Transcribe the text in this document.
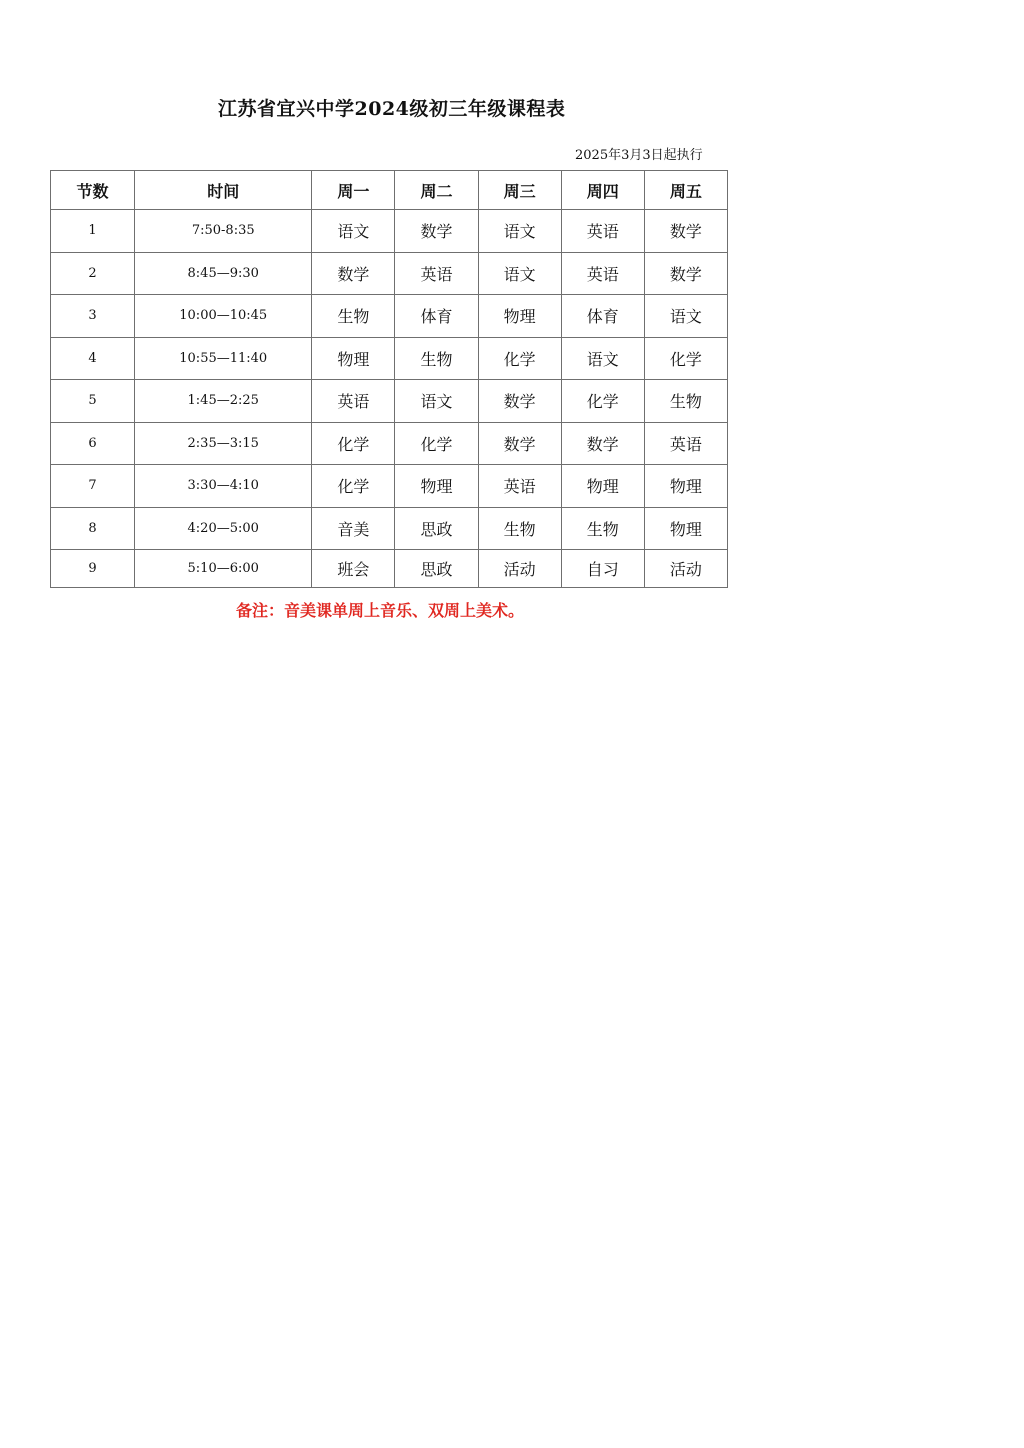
江苏省宜兴中学2024级初三年级课程表
2025年3月3日起执行
节数	时间	周一	周二	周三	周四	周五
1	7:50-8:35	语文	数学	语文	英语	数学
2	8:45—9:30	数学	英语	语文	英语	数学
3	10:00—10:45	生物	体育	物理	体育	语文
4	10:55—11:40	物理	生物	化学	语文	化学
5	1:45—2:25	英语	语文	数学	化学	生物
6	2:35—3:15	化学	化学	数学	数学	英语
7	3:30—4:10	化学	物理	英语	物理	物理
8	4:20—5:00	音美	思政	生物	生物	物理
9	5:10—6:00	班会	思政	活动	自习	活动
备注：音美课单周上音乐、双周上美术。
